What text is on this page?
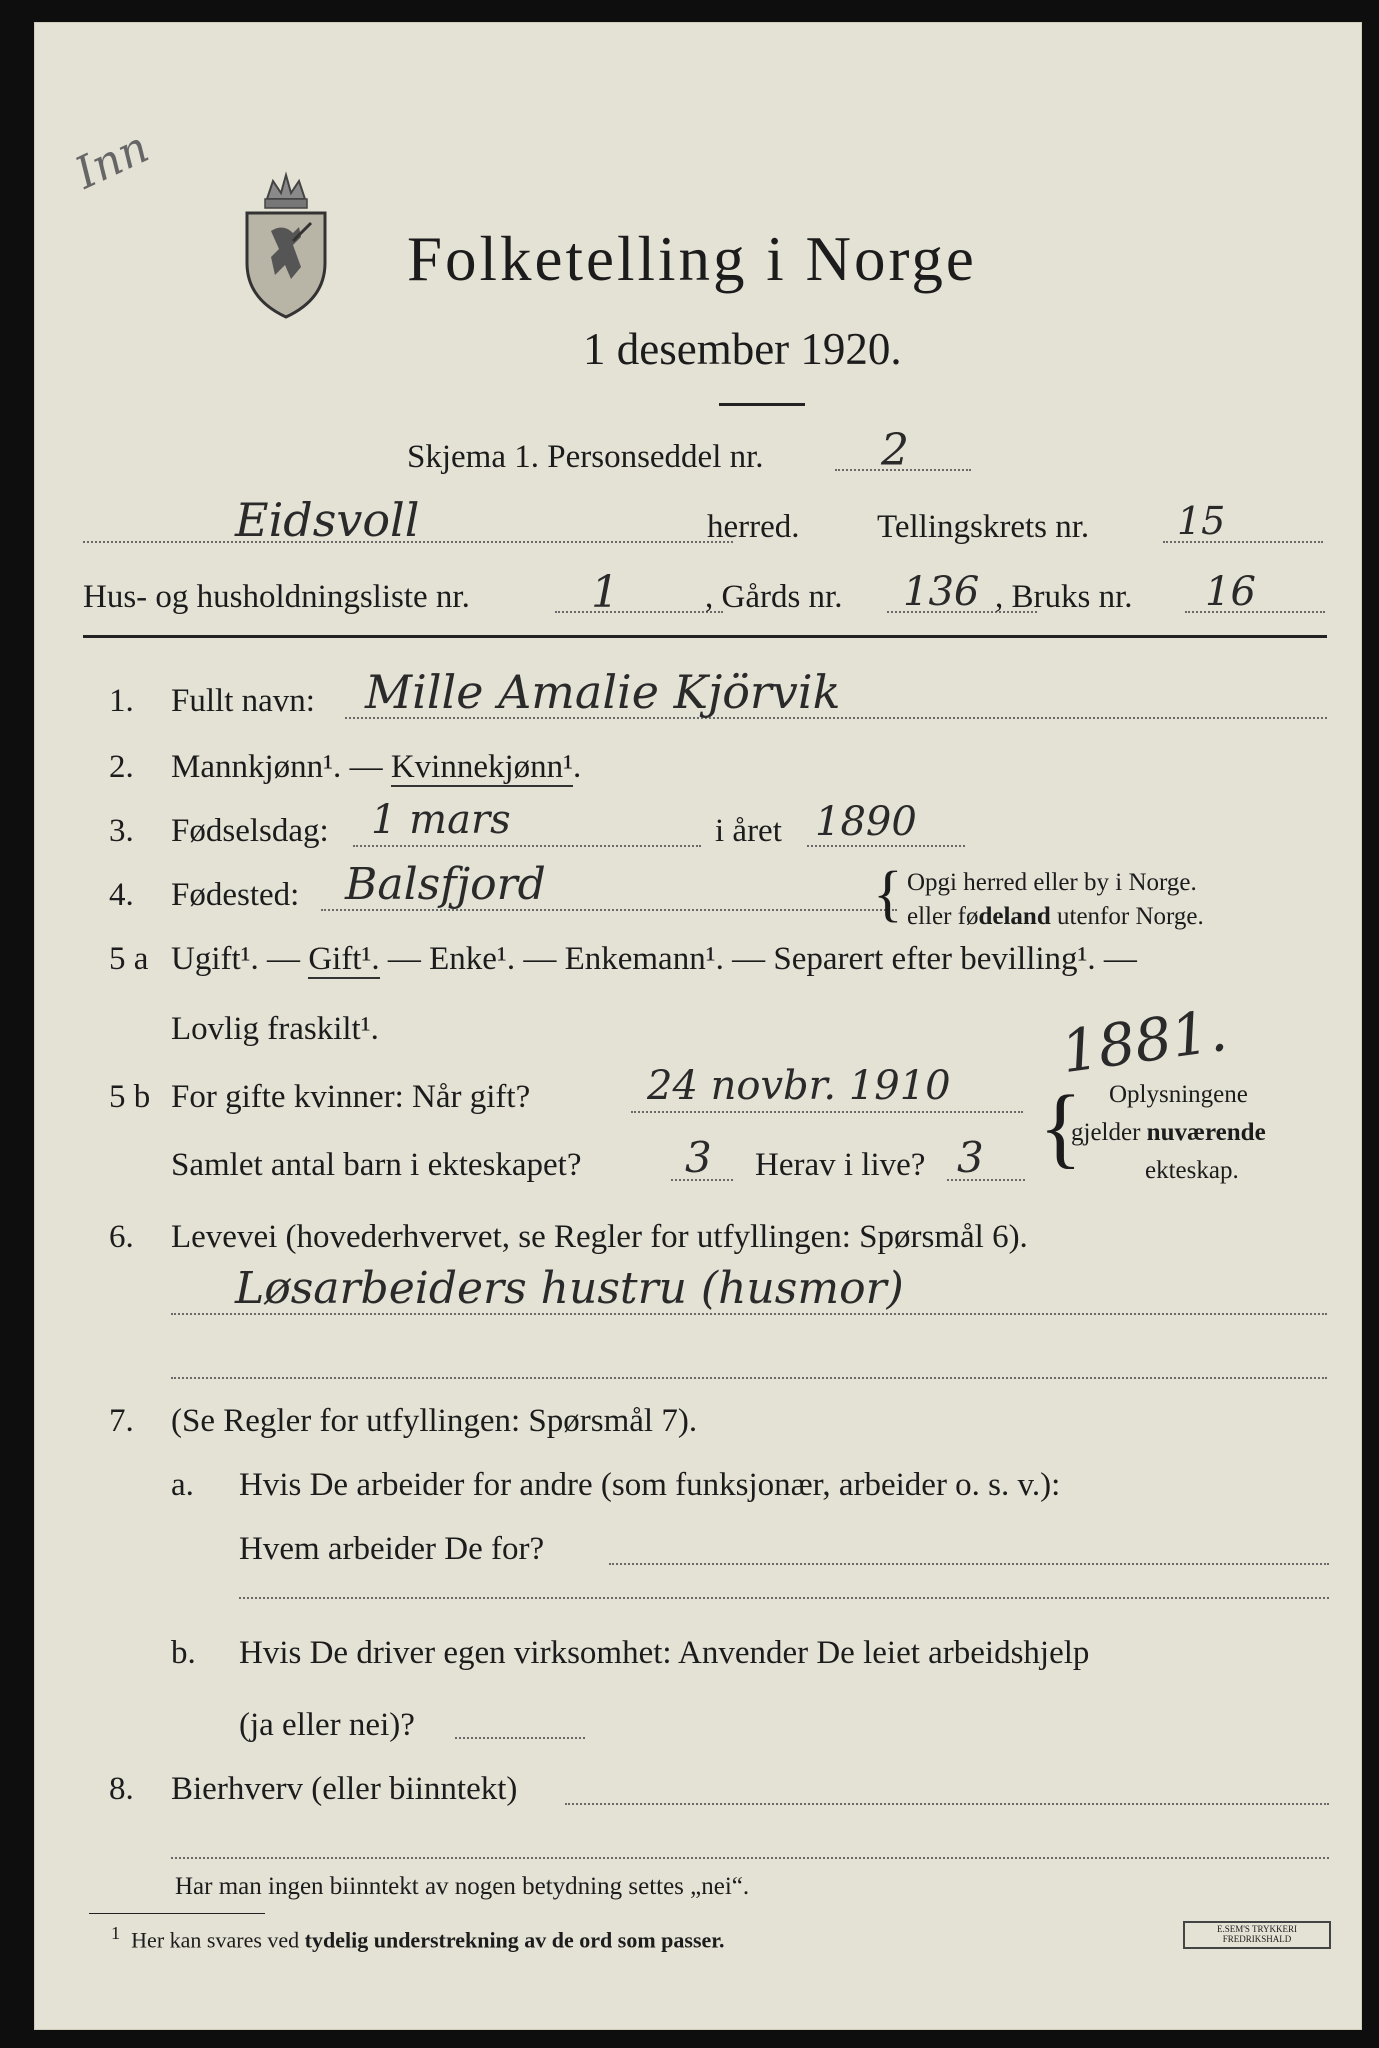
Inn
Folketelling i Norge
1 desember 1920.
Skjema 1. Personseddel nr.	2
Eidsvoll	herred. Tellingskrets nr. 15
Hus- og husholdningsliste nr.	1	, Gårds nr. 136 , Bruks nr. 16
1. Fullt navn: Mille Amalie Kjörvik
2. Mannkjønn¹. — Kvinnekjønn¹.
3. Fødselsdag: 1 mars	i året 1890
4. Fødested: Balsfjord	{ Opgi herred eller by i Norge.
eller fødeland utenfor Norge.
5 a Ugift¹. — Gift¹. — Enke¹. — Enkemann¹. — Separert efter bevilling¹. —
Lovlig fraskilt¹.	1881.
5 b For gifte kvinner: Når gift?	24 novbr. 1910
Samlet antal barn i ekteskapet? 3 Herav i live? 3 { Oplysningene
gjelder nuværende
ekteskap.
6. Levevei (hovederhvervet, se Regler for utfyllingen: Spørsmål 6).
Løsarbeiders hustru (husmor)
7. (Se Regler for utfyllingen: Spørsmål 7).
a. Hvis De arbeider for andre (som funksjonær, arbeider o. s. v.):
Hvem arbeider De for?
b. Hvis De driver egen virksomhet: Anvender De leiet arbeidshjelp
(ja eller nei)?
8. Bierhverv (eller biinntekt)
Har man ingen biinntekt av nogen betydning settes „nei“.
$^1$ Her kan svares ved tydelig understrekning av de ord som passer.	E.SEM'S TRYKKERI FREDRIKSHALD
